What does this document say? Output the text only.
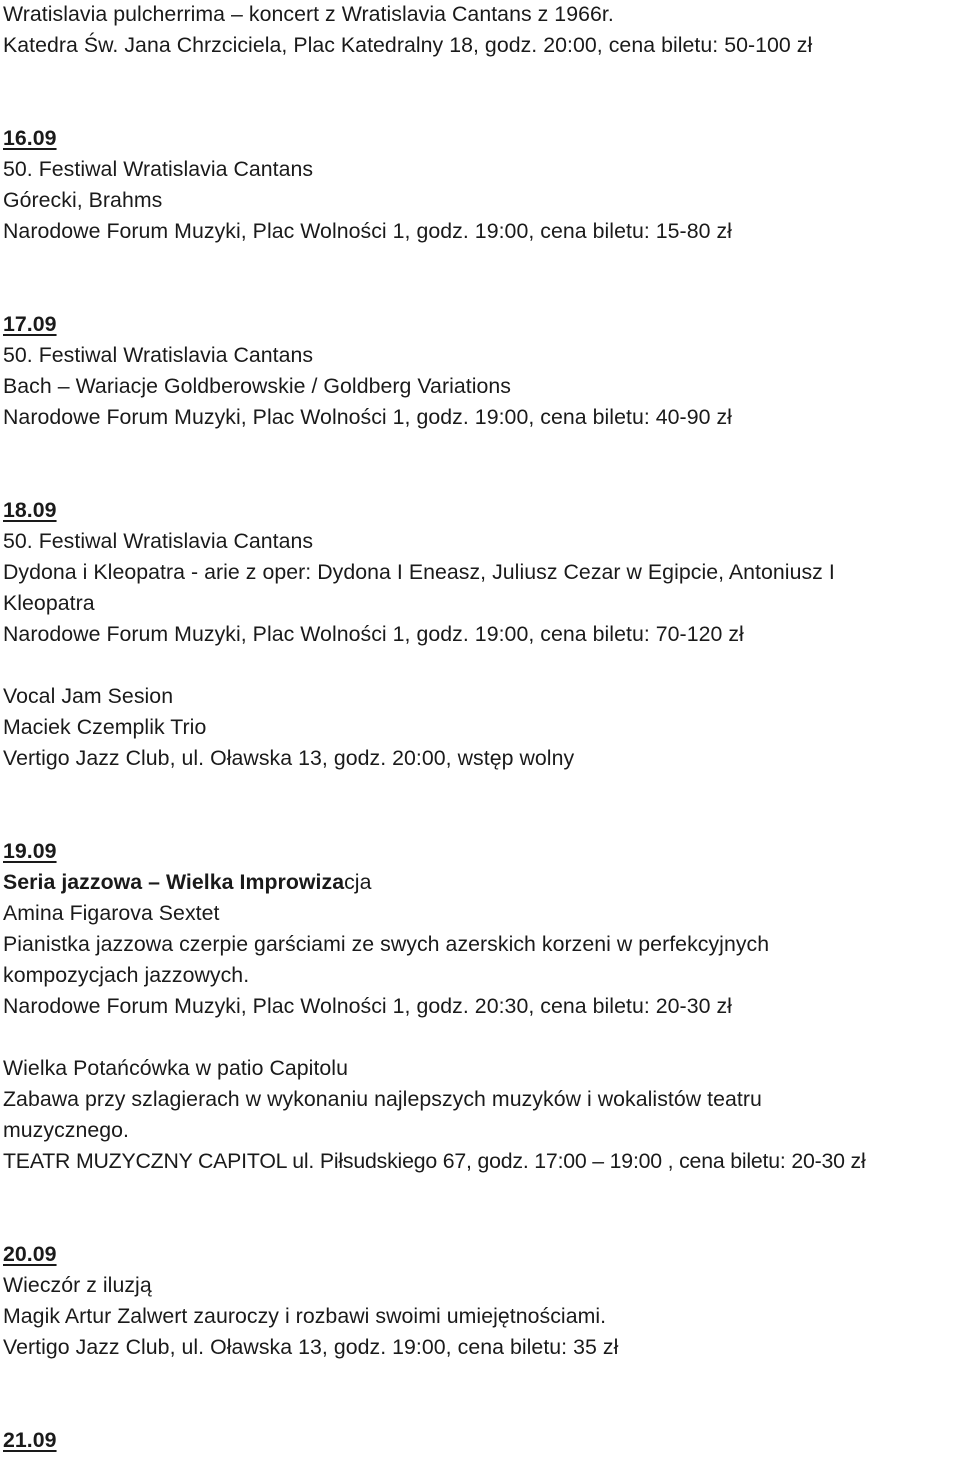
Wratislavia pulcherrima – koncert z Wratislavia Cantans z 1966r.
Katedra Św. Jana Chrzciciela, Plac Katedralny 18, godz. 20:00, cena biletu: 50-100 zł
16.09
50. Festiwal Wratislavia Cantans
Górecki, Brahms
Narodowe Forum Muzyki, Plac Wolności 1, godz. 19:00, cena biletu: 15-80 zł
17.09
50. Festiwal Wratislavia Cantans
Bach – Wariacje Goldberowskie / Goldberg Variations
Narodowe Forum Muzyki, Plac Wolności 1, godz. 19:00, cena biletu: 40-90 zł
18.09
50. Festiwal Wratislavia Cantans
Dydona i Kleopatra - arie z oper: Dydona I Eneasz, Juliusz Cezar w Egipcie, Antoniusz I
Kleopatra
Narodowe Forum Muzyki, Plac Wolności 1, godz. 19:00, cena biletu: 70-120 zł
Vocal Jam Sesion
Maciek Czemplik Trio
Vertigo Jazz Club, ul. Oławska 13, godz. 20:00, wstęp wolny
19.09
Seria jazzowa – Wielka Improwizacja
Amina Figarova Sextet
Pianistka jazzowa czerpie garściami ze swych azerskich korzeni w perfekcyjnych
kompozycjach jazzowych.
Narodowe Forum Muzyki, Plac Wolności 1, godz. 20:30, cena biletu: 20-30 zł
Wielka Potańcówka w patio Capitolu
Zabawa przy szlagierach w wykonaniu najlepszych muzyków i wokalistów teatru
muzycznego.
TEATR MUZYCZNY CAPITOL ul. Piłsudskiego 67, godz. 17:00 – 19:00 , cena biletu: 20-30 zł
20.09
Wieczór z iluzją
Magik Artur Zalwert zauroczy i rozbawi swoimi umiejętnościami.
Vertigo Jazz Club, ul. Oławska 13, godz. 19:00, cena biletu: 35 zł
21.09
